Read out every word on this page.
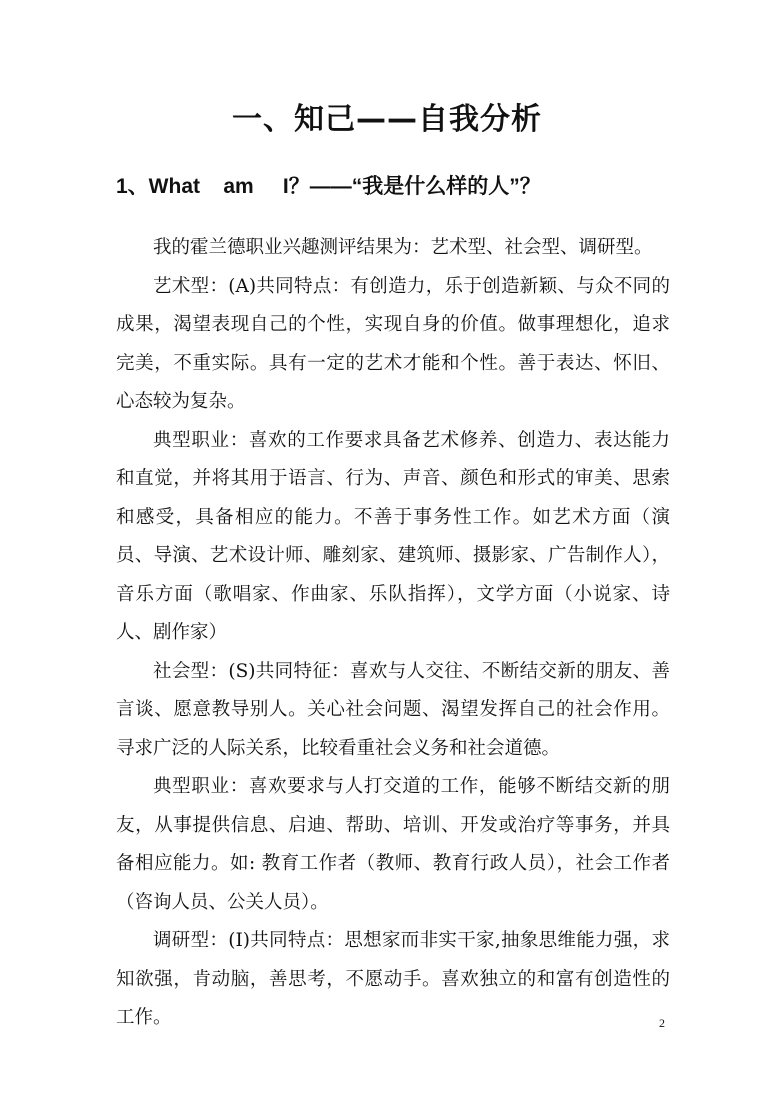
一、知己——自我分析
1、What    am     I？——“我是什么样的人”？

我的霍兰德职业兴趣测评结果为：艺术型、社会型、调研型。

艺术型：(A)共同特点：有创造力，乐于创造新颖、与众不同的成果，渴望表现自己的个性，实现自身的价值。做事理想化，追求完美，不重实际。具有一定的艺术才能和个性。善于表达、怀旧、心态较为复杂。

典型职业：喜欢的工作要求具备艺术修养、创造力、表达能力和直觉，并将其用于语言、行为、声音、颜色和形式的审美、思索和感受，具备相应的能力。不善于事务性工作。如艺术方面（演员、导演、艺术设计师、雕刻家、建筑师、摄影家、广告制作人），音乐方面（歌唱家、作曲家、乐队指挥），文学方面（小说家、诗人、剧作家）

社会型：(S)共同特征：喜欢与人交往、不断结交新的朋友、善言谈、愿意教导别人。关心社会问题、渴望发挥自己的社会作用。寻求广泛的人际关系，比较看重社会义务和社会道德。

典型职业：喜欢要求与人打交道的工作，能够不断结交新的朋友，从事提供信息、启迪、帮助、培训、开发或治疗等事务，并具备相应能力。如: 教育工作者（教师、教育行政人员），社会工作者（咨询人员、公关人员）。

调研型：(I)共同特点：思想家而非实干家,抽象思维能力强，求知欲强，肯动脑，善思考，不愿动手。喜欢独立的和富有创造性的工作。	2
